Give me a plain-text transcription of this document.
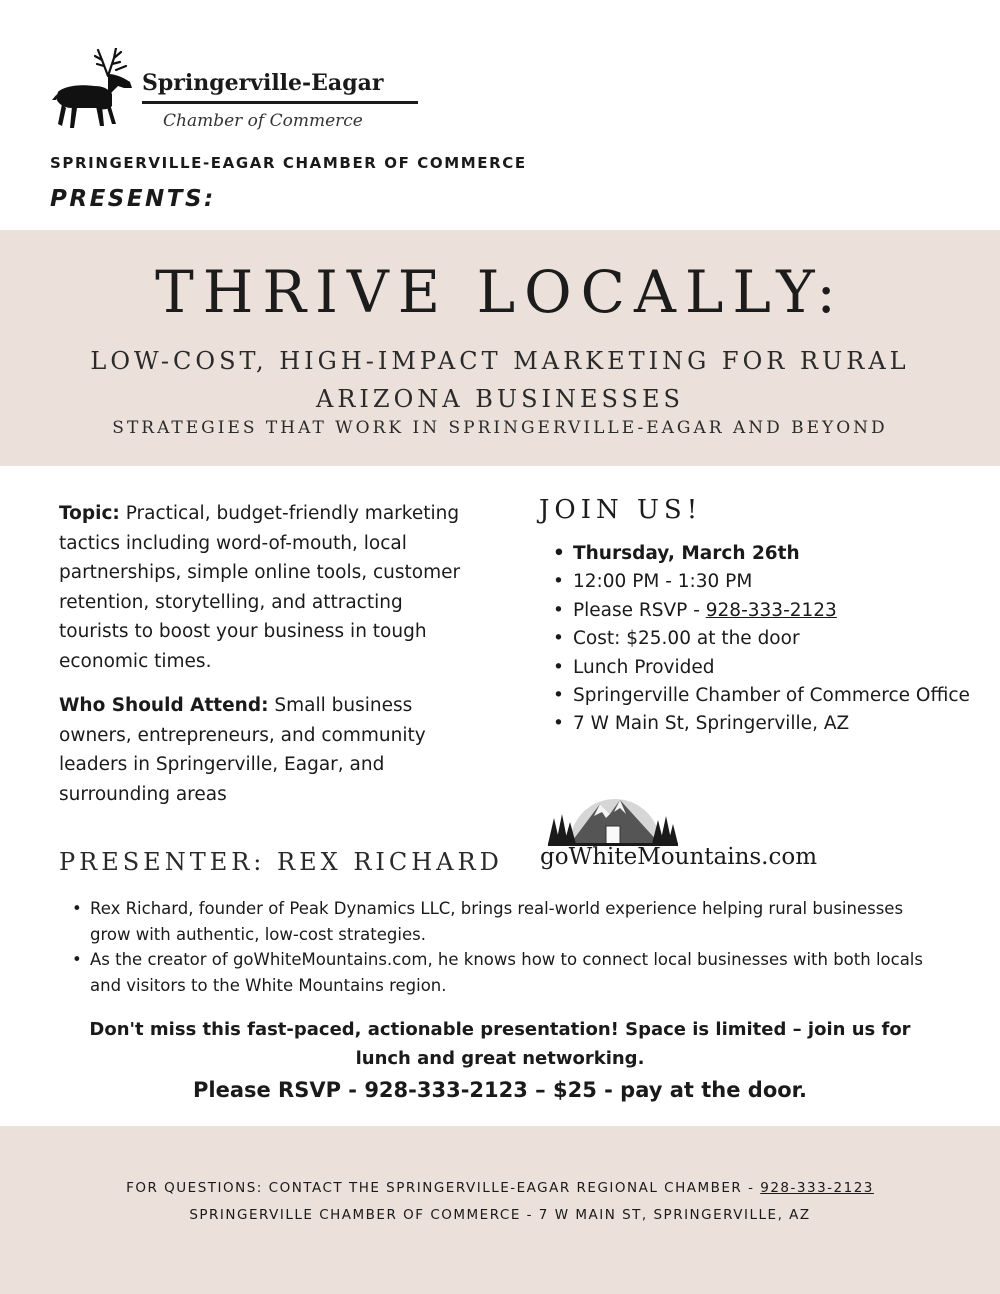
Springerville-Eagar
Chamber of Commerce
SPRINGERVILLE-EAGAR CHAMBER OF COMMERCE
PRESENTS:
THRIVE LOCALLY:
LOW-COST, HIGH-IMPACT MARKETING FOR RURAL ARIZONA BUSINESSES
STRATEGIES THAT WORK IN SPRINGERVILLE-EAGAR AND BEYOND

Topic: Practical, budget-friendly marketing tactics including word-of-mouth, local partnerships, simple online tools, customer retention, storytelling, and attracting tourists to boost your business in tough economic times.

Who Should Attend: Small business owners, entrepreneurs, and community leaders in Springerville, Eagar, and surrounding areas

JOIN US!
• Thursday, March 26th
• 12:00 PM - 1:30 PM
• Please RSVP - 928-333-2123
• Cost: $25.00 at the door
• Lunch Provided
• Springerville Chamber of Commerce Office
• 7 W Main St, Springerville, AZ
goWhiteMountains.com
PRESENTER: REX RICHARD
• Rex Richard, founder of Peak Dynamics LLC, brings real-world experience helping rural businesses grow with authentic, low-cost strategies.
• As the creator of goWhiteMountains.com, he knows how to connect local businesses with both locals and visitors to the White Mountains region.
Don't miss this fast-paced, actionable presentation! Space is limited – join us for lunch and great networking.
Please RSVP - 928-333-2123 – $25 - pay at the door.
FOR QUESTIONS: CONTACT THE SPRINGERVILLE-EAGAR REGIONAL CHAMBER - 928-333-2123
SPRINGERVILLE CHAMBER OF COMMERCE - 7 W MAIN ST, SPRINGERVILLE, AZ
